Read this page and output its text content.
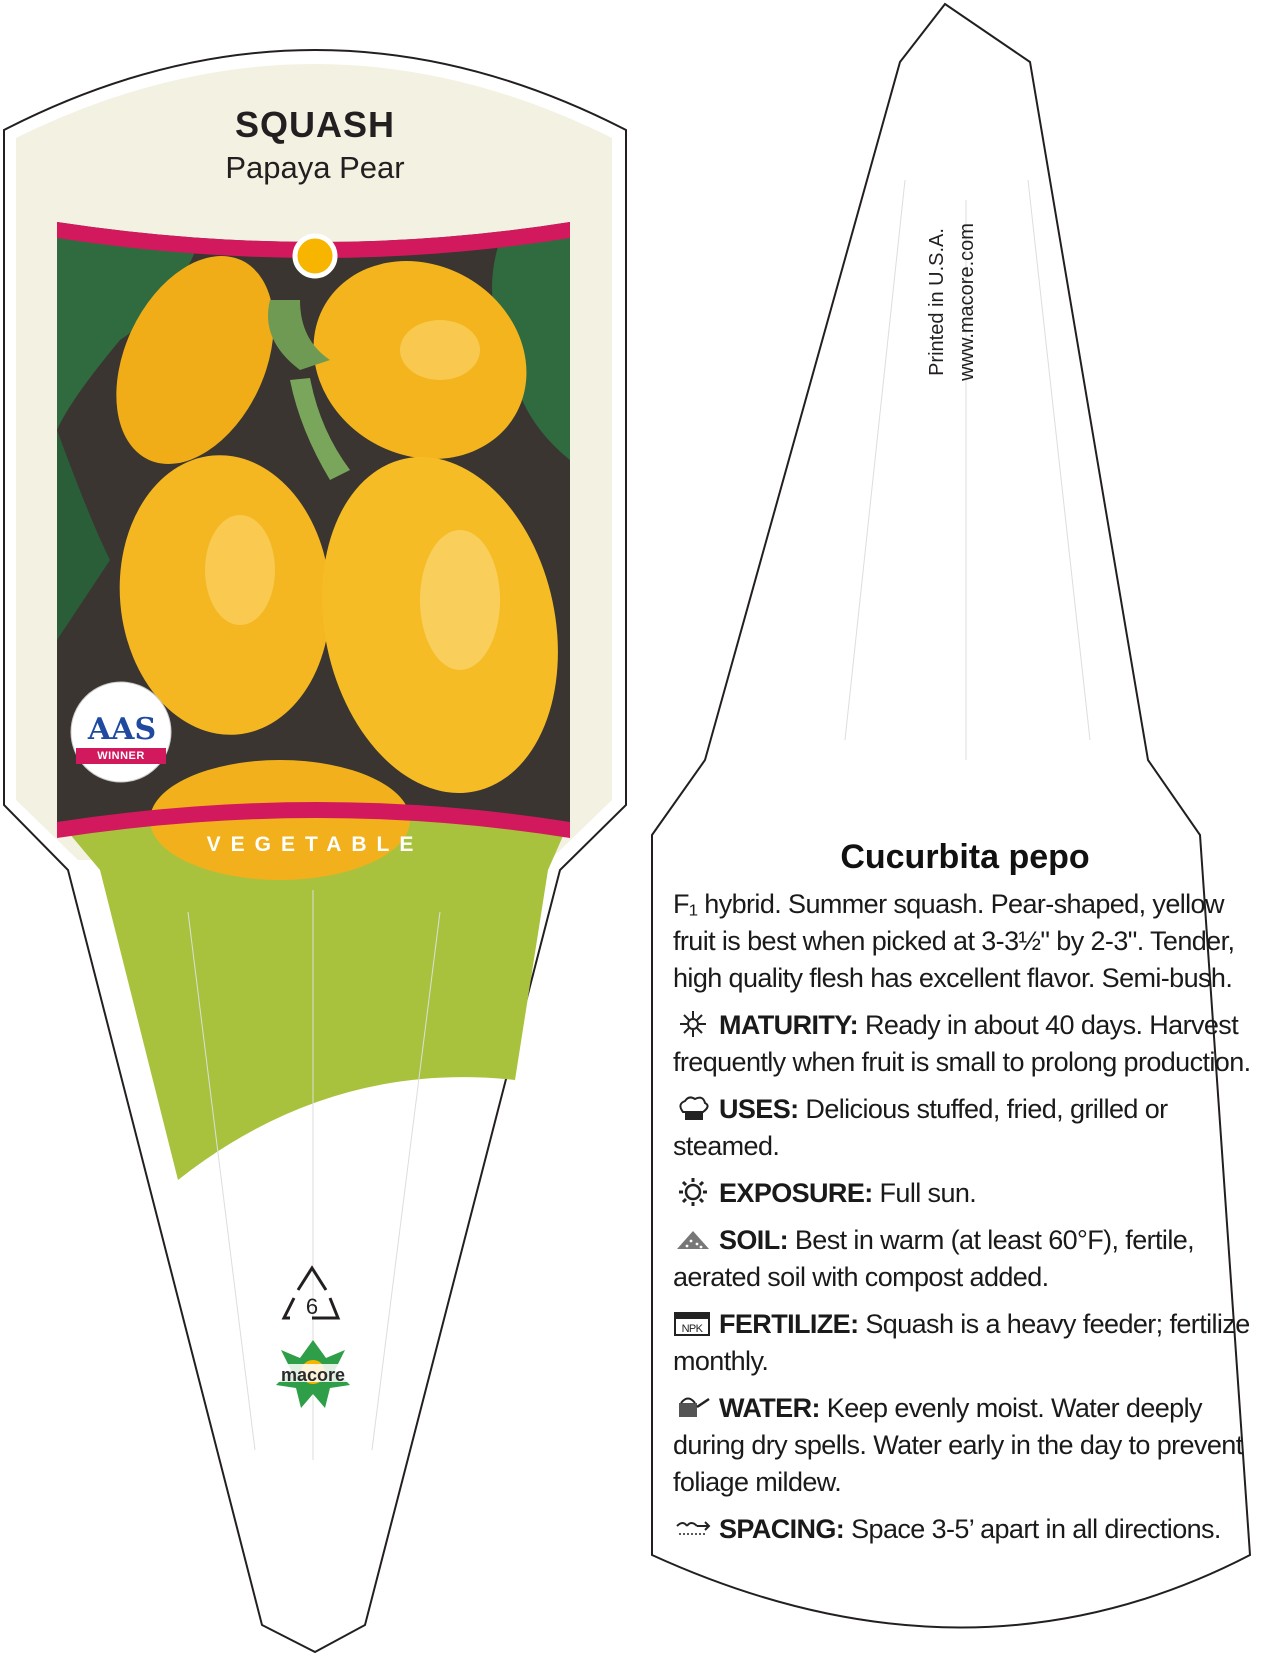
SQUASH
Papaya Pear
AAS
WINNER
VEGETABLE
6
macore
Printed in U.S.A. www.macore.com
Cucurbita pepo

F₁ hybrid. Summer squash. Pear-shaped, yellow fruit is best when picked at 3-3½" by 2-3". Tender, high quality flesh has excellent flavor. Semi-bush.

MATURITY: Ready in about 40 days. Harvest frequently when fruit is small to prolong production.

USES: Delicious stuffed, fried, grilled or steamed.

EXPOSURE: Full sun.

SOIL: Best in warm (at least 60°F), fertile, aerated soil with compost added.

NPK FERTILIZE: Squash is a heavy feeder; fertilize monthly.

WATER: Keep evenly moist. Water deeply during dry spells. Water early in the day to prevent foliage mildew.

SPACING: Space 3-5’ apart in all directions.
